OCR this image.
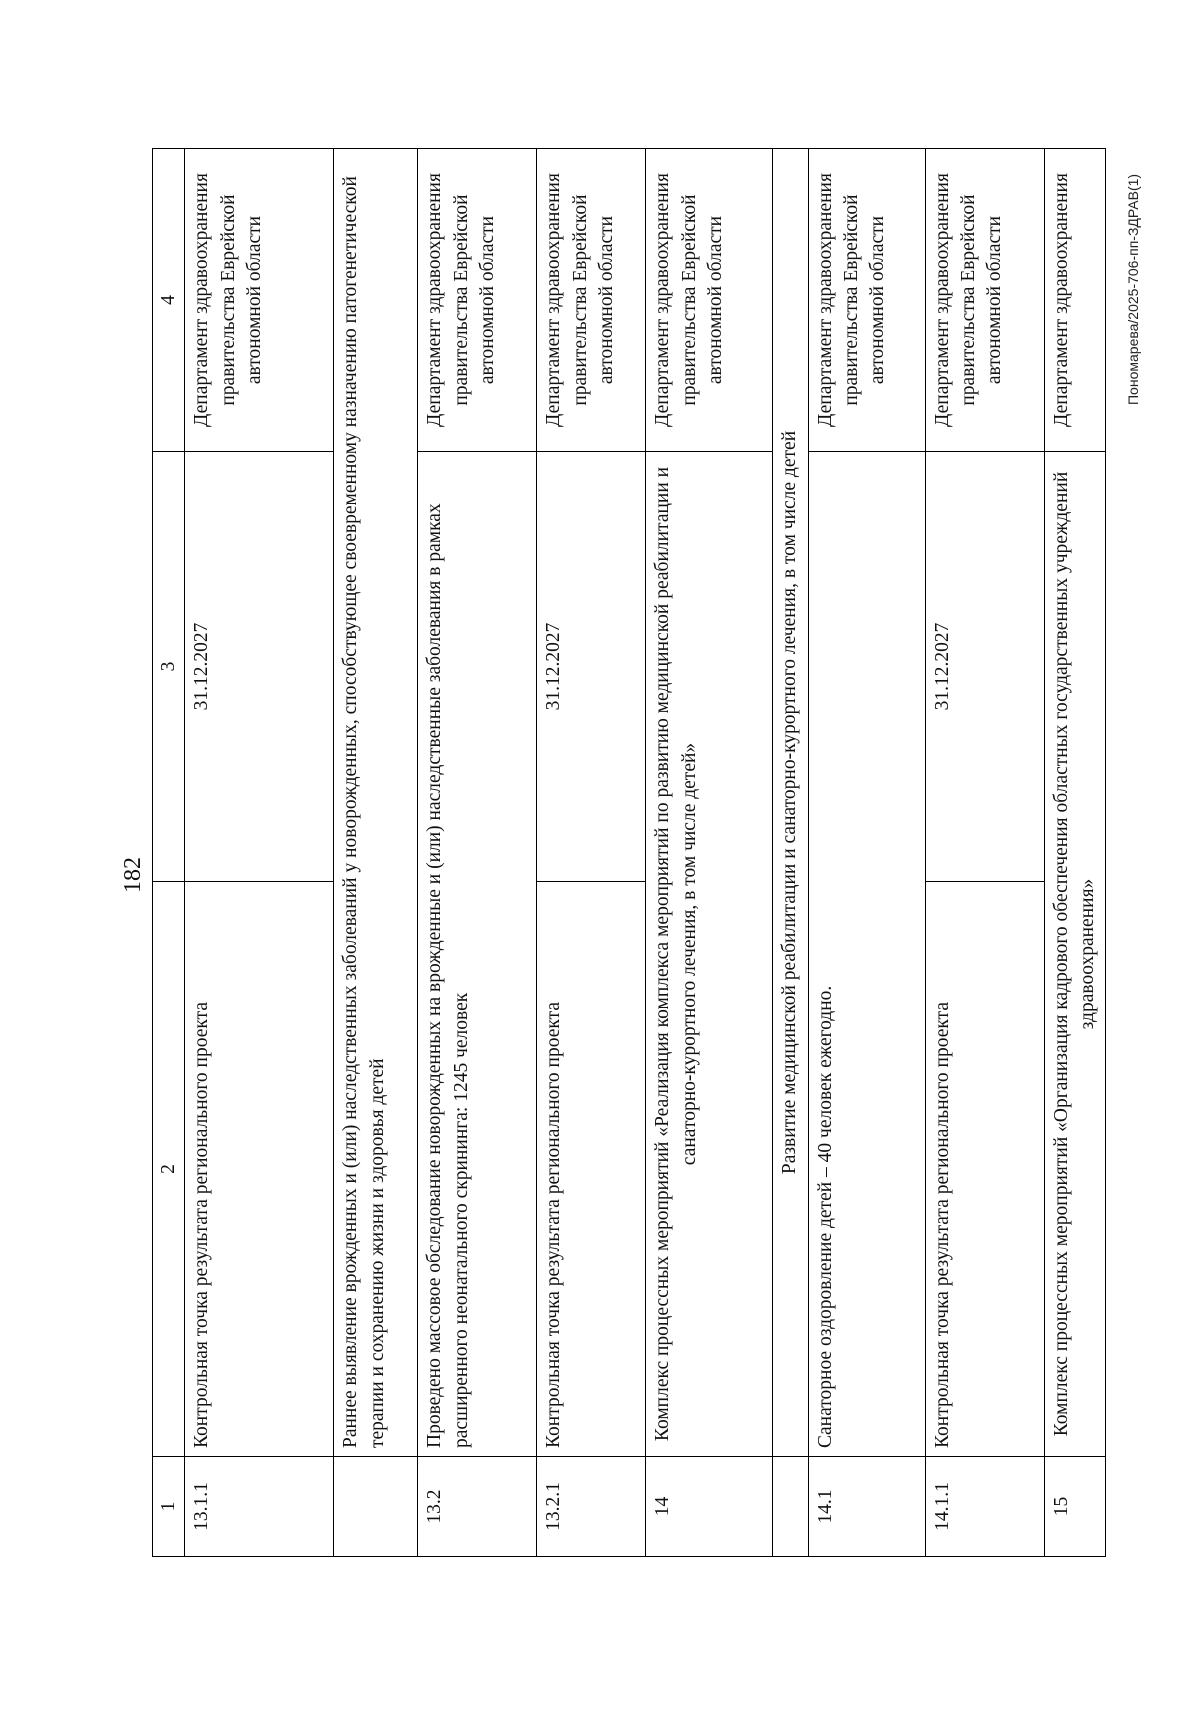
182
1	2	3	4
13.1.1	Контрольная точка результата регионального проекта	31.12.2027	Департамент здравоохранения правительства Еврейской автономной области
	Раннее выявление врожденных и (или) наследственных заболеваний у новорожденных, способствующее своевременному назначению патогенетической терапии и сохранению жизни и здоровья детей		
13.2	Проведено массовое обследование новорожденных на врожденные и (или) наследственные заболевания в рамках расширенного неонатального скрининга: 1245 человек		Департамент здравоохранения правительства Еврейской автономной области
13.2.1	Контрольная точка результата регионального проекта	31.12.2027	Департамент здравоохранения правительства Еврейской автономной области
14	Комплекс процессных мероприятий «Реализация комплекса мероприятий по развитию медицинской реабилитации и санаторно-курортного лечения, в том числе детей»		Департамент здравоохранения правительства Еврейской автономной области
	Развитие медицинской реабилитации и санаторно-курортного лечения, в том числе детей		
14.1	Санаторное оздоровление детей – 40 человек ежегодно.		Департамент здравоохранения правительства Еврейской автономной области
14.1.1	Контрольная точка результата регионального проекта	31.12.2027	Департамент здравоохранения правительства Еврейской автономной области
15	Комплекс процессных мероприятий «Организация кадрового обеспечения областных государственных учреждений здравоохранения»		Департамент здравоохранения	Пономарева/2025-706-пп-ЗДРАВ(1)
